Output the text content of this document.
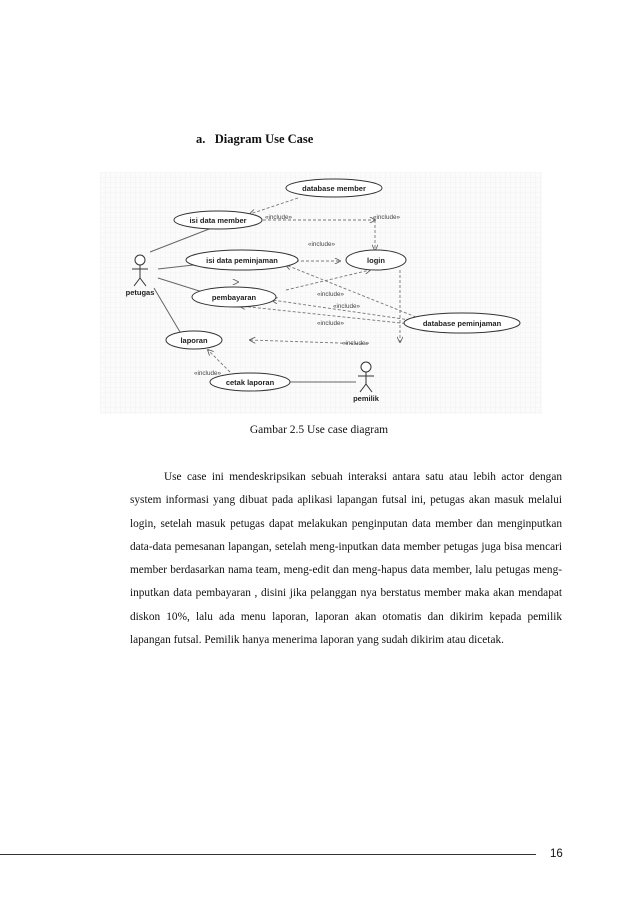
a. Diagram Use Case
«include»	«include»
«include»
«include»
«include»
«include»
«include»
«include»
database member
isi data member
isi data peminjaman	login
pembayaran
database peminjaman
laporan
cetak laporan
petugas
pemilik
Gambar 2.5 Use case diagram

Use case ini mendeskripsikan sebuah interaksi antara satu atau lebih actor dengan system informasi yang dibuat pada aplikasi lapangan futsal ini, petugas akan masuk melalui login, setelah masuk petugas dapat melakukan penginputan data member dan menginputkan data-data pemesanan lapangan, setelah meng-inputkan data member petugas juga bisa mencari member berdasarkan nama team, meng-edit dan meng-hapus data member, lalu petugas meng-inputkan data pembayaran , disini jika pelanggan nya berstatus member maka akan mendapat diskon 10%, lalu ada menu laporan, laporan akan otomatis dan dikirim kepada pemilik lapangan futsal. Pemilik hanya menerima laporan yang sudah dikirim atau dicetak.

16
